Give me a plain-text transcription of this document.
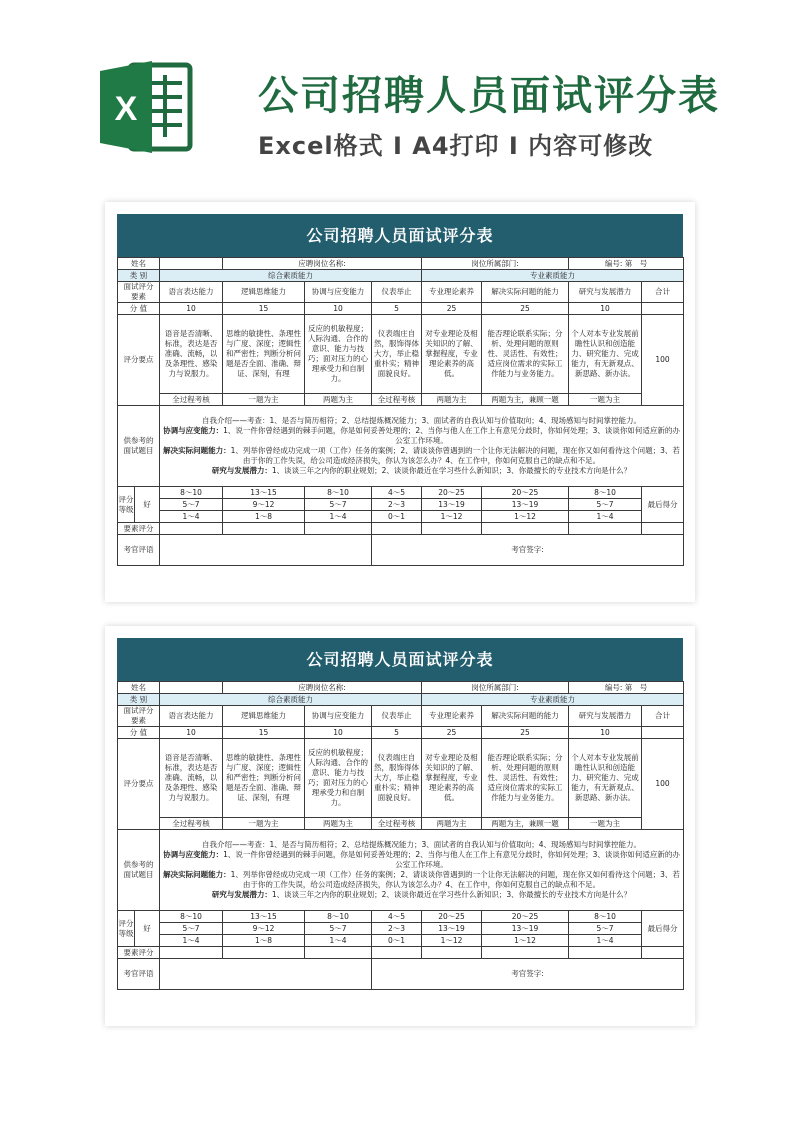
X	公司招聘人员面试评分表
Excel格式 I A4打印 I 内容可修改
公司招聘人员面试评分表
姓名		应聘岗位名称:			岗位所属部门:		编号: 第　号	
类 别	综合素质能力				专业素质能力			
面试评分要素	语言表达能力	逻辑思维能力	协调与应变能力	仪表举止	专业理论素养	解决实际问题的能力	研究与发展潜力	合计
分 值	10	15	10	5	25	25	10	
评分要点	语音是否清晰、标准，表达是否准确、流畅，以及条理性、感染力与说服力。	思维的敏捷性、条理性与广度、深度；逻辑性和严密性；判断分析问题是否全面、准确、辩证、深刻，有理	反应的机敏程度；人际沟通、合作的意识、能力与技巧；面对压力的心理承受力和自制力。	仪表端庄自然，服饰得体大方，举止稳重朴实；精神面貌良好。	对专业理论及相关知识的了解、掌握程度，专业理论素养的高低。	能否理论联系实际；分析、处理问题的原则性、灵活性、有效性；适应岗位需求的实际工作能力与业务能力。	个人对本专业发展前瞻性认识和创造能力、研究能力、完成能力，有无新观点、新思路、新办法。	100
	全过程考核	一题为主	两题为主	全过程考核	两题为主	两题为主，兼顾一题	一题为主	
供参考的面试题目	自我介绍——考查：1、是否与简历相符；2、总结提炼概况能力；3、面试者的自我认知与价值取向；4、现场感知与时间掌控能力。
协调与应变能力：1、说一件你曾经遇到的棘手问题，你是如何妥善处理的；2、当你与他人在工作上有意见分歧时，你如何处理；3、谈谈你如何适应新的办公室工作环境。
解决实际问题能力：1、列举你曾经成功完成一项（工作）任务的案例；2、请谈谈你曾遇到的一个让你无法解决的问题，现在你又如何看待这个问题；3、若由于你的工作失误，给公司造成经济损失，你认为该怎么办？4、在工作中，你如何克服自己的缺点和不足。
研究与发展潜力：1、谈谈三年之内你的职业规划；2、谈谈你最近在学习些什么新知识；3、你最擅长的专业技术方向是什么？							

评分等级
好	8～10	13～15	8～10	4～5	20～25	20～25	8～10	最后得分
	5～7	9～12	5～7	2～3	13～19	13～19	5～7	
	1～4	1～8	1～4	0～1	1～12	1～12	1～4	
要素评分								
考官评语				考官签字:				
公司招聘人员面试评分表
姓名		应聘岗位名称:			岗位所属部门:		编号: 第　号	
类 别	综合素质能力				专业素质能力			
面试评分要素	语言表达能力	逻辑思维能力	协调与应变能力	仪表举止	专业理论素养	解决实际问题的能力	研究与发展潜力	合计
分 值	10	15	10	5	25	25	10	
评分要点	语音是否清晰、标准，表达是否准确、流畅，以及条理性、感染力与说服力。	思维的敏捷性、条理性与广度、深度；逻辑性和严密性；判断分析问题是否全面、准确、辩证、深刻，有理	反应的机敏程度；人际沟通、合作的意识、能力与技巧；面对压力的心理承受力和自制力。	仪表端庄自然，服饰得体大方，举止稳重朴实；精神面貌良好。	对专业理论及相关知识的了解、掌握程度，专业理论素养的高低。	能否理论联系实际；分析、处理问题的原则性、灵活性、有效性；适应岗位需求的实际工作能力与业务能力。	个人对本专业发展前瞻性认识和创造能力、研究能力、完成能力，有无新观点、新思路、新办法。	100
	全过程考核	一题为主	两题为主	全过程考核	两题为主	两题为主，兼顾一题	一题为主	
供参考的面试题目	自我介绍——考查：1、是否与简历相符；2、总结提炼概况能力；3、面试者的自我认知与价值取向；4、现场感知与时间掌控能力。
协调与应变能力：1、说一件你曾经遇到的棘手问题，你是如何妥善处理的；2、当你与他人在工作上有意见分歧时，你如何处理；3、谈谈你如何适应新的办公室工作环境。
解决实际问题能力：1、列举你曾经成功完成一项（工作）任务的案例；2、请谈谈你曾遇到的一个让你无法解决的问题，现在你又如何看待这个问题；3、若由于你的工作失误，给公司造成经济损失，你认为该怎么办？4、在工作中，你如何克服自己的缺点和不足。
研究与发展潜力：1、谈谈三年之内你的职业规划；2、谈谈你最近在学习些什么新知识；3、你最擅长的专业技术方向是什么？							

评分等级
好	8～10	13～15	8～10	4～5	20～25	20～25	8～10	最后得分
	5～7	9～12	5～7	2～3	13～19	13～19	5～7	
	1～4	1～8	1～4	0～1	1～12	1～12	1～4	
要素评分								
考官评语				考官签字:				
